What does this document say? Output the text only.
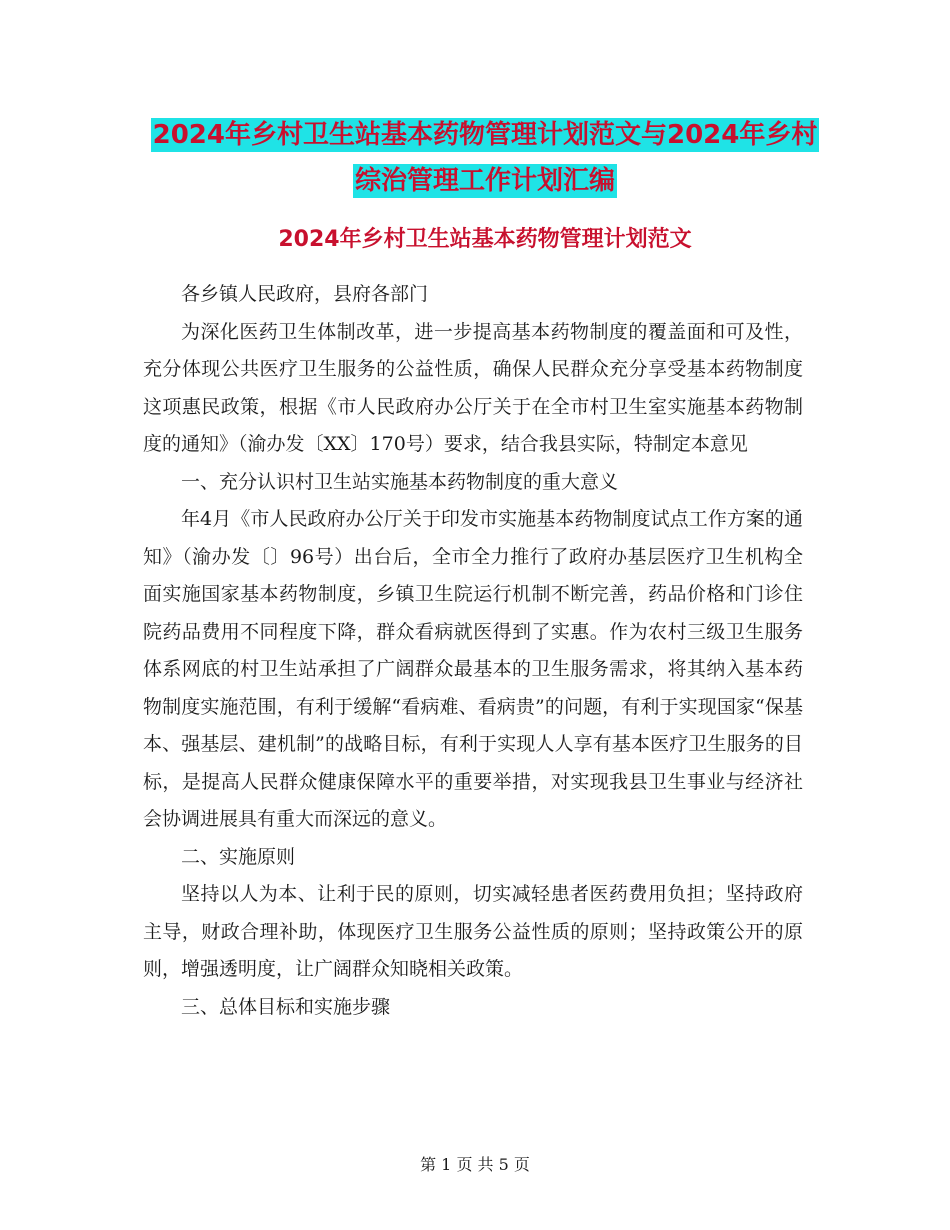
2024年乡村卫生站基本药物管理计划范文与2024年乡村综治管理工作计划汇编
2024年乡村卫生站基本药物管理计划范文

各乡镇人民政府，县府各部门

为深化医药卫生体制改革，进一步提高基本药物制度的覆盖面和可及性，充分体现公共医疗卫生服务的公益性质，确保人民群众充分享受基本药物制度这项惠民政策，根据《市人民政府办公厅关于在全市村卫生室实施基本药物制度的通知》（渝办发〔XX〕170号）要求，结合我县实际，特制定本意见

一、充分认识村卫生站实施基本药物制度的重大意义

年4月《市人民政府办公厅关于印发市实施基本药物制度试点工作方案的通知》（渝办发〔〕96号）出台后，全市全力推行了政府办基层医疗卫生机构全面实施国家基本药物制度，乡镇卫生院运行机制不断完善，药品价格和门诊住院药品费用不同程度下降，群众看病就医得到了实惠。作为农村三级卫生服务体系网底的村卫生站承担了广阔群众最基本的卫生服务需求，将其纳入基本药物制度实施范围，有利于缓解“看病难、看病贵”的问题，有利于实现国家“保基本、强基层、建机制”的战略目标，有利于实现人人享有基本医疗卫生服务的目标，是提高人民群众健康保障水平的重要举措，对实现我县卫生事业与经济社会协调进展具有重大而深远的意义。

二、实施原则

坚持以人为本、让利于民的原则，切实减轻患者医药费用负担；坚持政府主导，财政合理补助，体现医疗卫生服务公益性质的原则；坚持政策公开的原则，增强透明度，让广阔群众知晓相关政策。

三、总体目标和实施步骤

第 1 页 共 5 页
